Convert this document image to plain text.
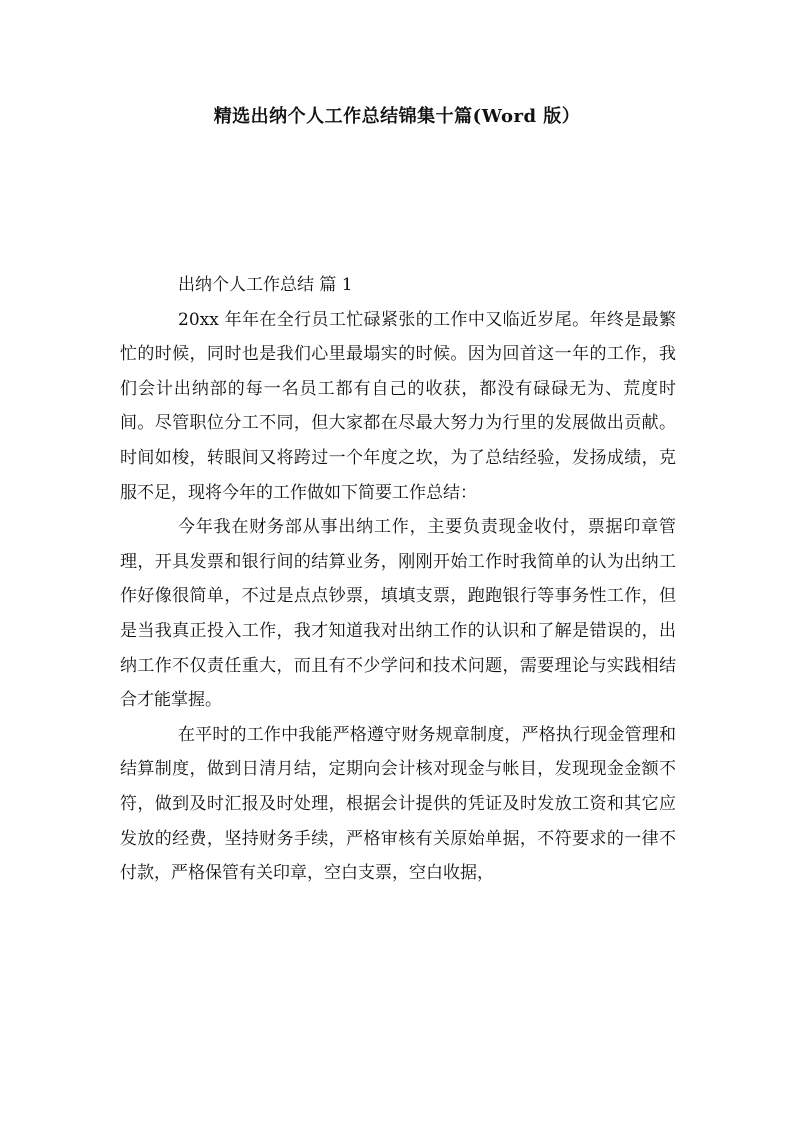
精选出纳个人工作总结锦集十篇(Word 版）

出纳个人工作总结 篇 1

20xx 年年在全行员工忙碌紧张的工作中又临近岁尾。年终是最繁忙的时候，同时也是我们心里最塌实的时候。因为回首这一年的工作，我们会计出纳部的每一名员工都有自己的收获，都没有碌碌无为、荒度时间。尽管职位分工不同，但大家都在尽最大努力为行里的发展做出贡献。时间如梭，转眼间又将跨过一个年度之坎，为了总结经验，发扬成绩，克服不足，现将今年的工作做如下简要工作总结：

今年我在财务部从事出纳工作，主要负责现金收付，票据印章管理，开具发票和银行间的结算业务，刚刚开始工作时我简单的认为出纳工作好像很简单，不过是点点钞票，填填支票，跑跑银行等事务性工作，但是当我真正投入工作，我才知道我对出纳工作的认识和了解是错误的，出纳工作不仅责任重大，而且有不少学问和技术问题，需要理论与实践相结合才能掌握。

在平时的工作中我能严格遵守财务规章制度，严格执行现金管理和结算制度，做到日清月结，定期向会计核对现金与帐目，发现现金金额不符，做到及时汇报及时处理，根据会计提供的凭证及时发放工资和其它应发放的经费，坚持财务手续，严格审核有关原始单据，不符要求的一律不付款，严格保管有关印章，空白支票，空白收据，
